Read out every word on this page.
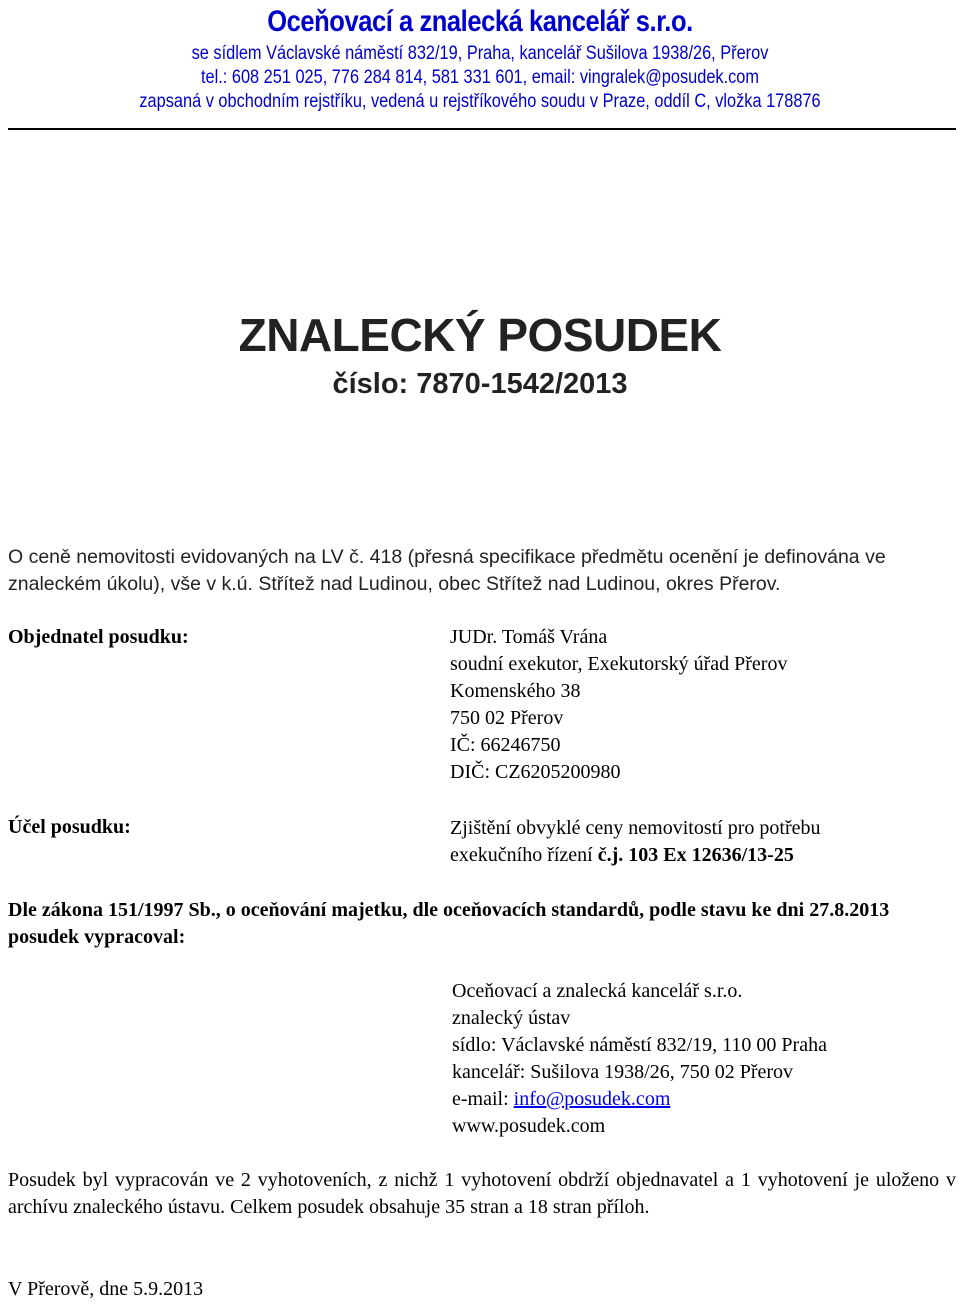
Oceňovací a znalecká kancelář s.r.o.
se sídlem Václavské náměstí 832/19, Praha, kancelář Sušilova 1938/26, Přerov
tel.: 608 251 025, 776 284 814, 581 331 601, email: vingralek@posudek.com
zapsaná v obchodním rejstříku, vedená u rejstříkového soudu v Praze, oddíl C, vložka 178876
ZNALECKÝ POSUDEK
číslo: 7870-1542/2013
O ceně nemovitosti evidovaných na LV č. 418 (přesná specifikace předmětu ocenění je definována ve znaleckém úkolu), vše v k.ú. Střítež nad Ludinou, obec Střítež nad Ludinou, okres Přerov.
Objednatel posudku:	JUDr. Tomáš Vrána
soudní exekutor, Exekutorský úřad Přerov
Komenského 38
750 02 Přerov
IČ: 66246750
DIČ: CZ6205200980
Účel posudku:	Zjištění obvyklé ceny nemovitostí pro potřebu
exekučního řízení č.j. 103 Ex 12636/13-25
Dle zákona 151/1997 Sb., o oceňování majetku, dle oceňovacích standardů, podle stavu ke dni 27.8.2013 posudek vypracoval:
Oceňovací a znalecká kancelář s.r.o.
znalecký ústav
sídlo: Václavské náměstí 832/19, 110 00 Praha
kancelář: Sušilova 1938/26, 750 02 Přerov
e-mail: info@posudek.com
www.posudek.com
Posudek byl vypracován ve 2 vyhotoveních, z nichž 1 vyhotovení obdrží objednavatel a 1 vyhotovení je uloženo v archívu znaleckého ústavu. Celkem posudek obsahuje 35 stran a 18 stran příloh.
V Přerově, dne 5.9.2013
